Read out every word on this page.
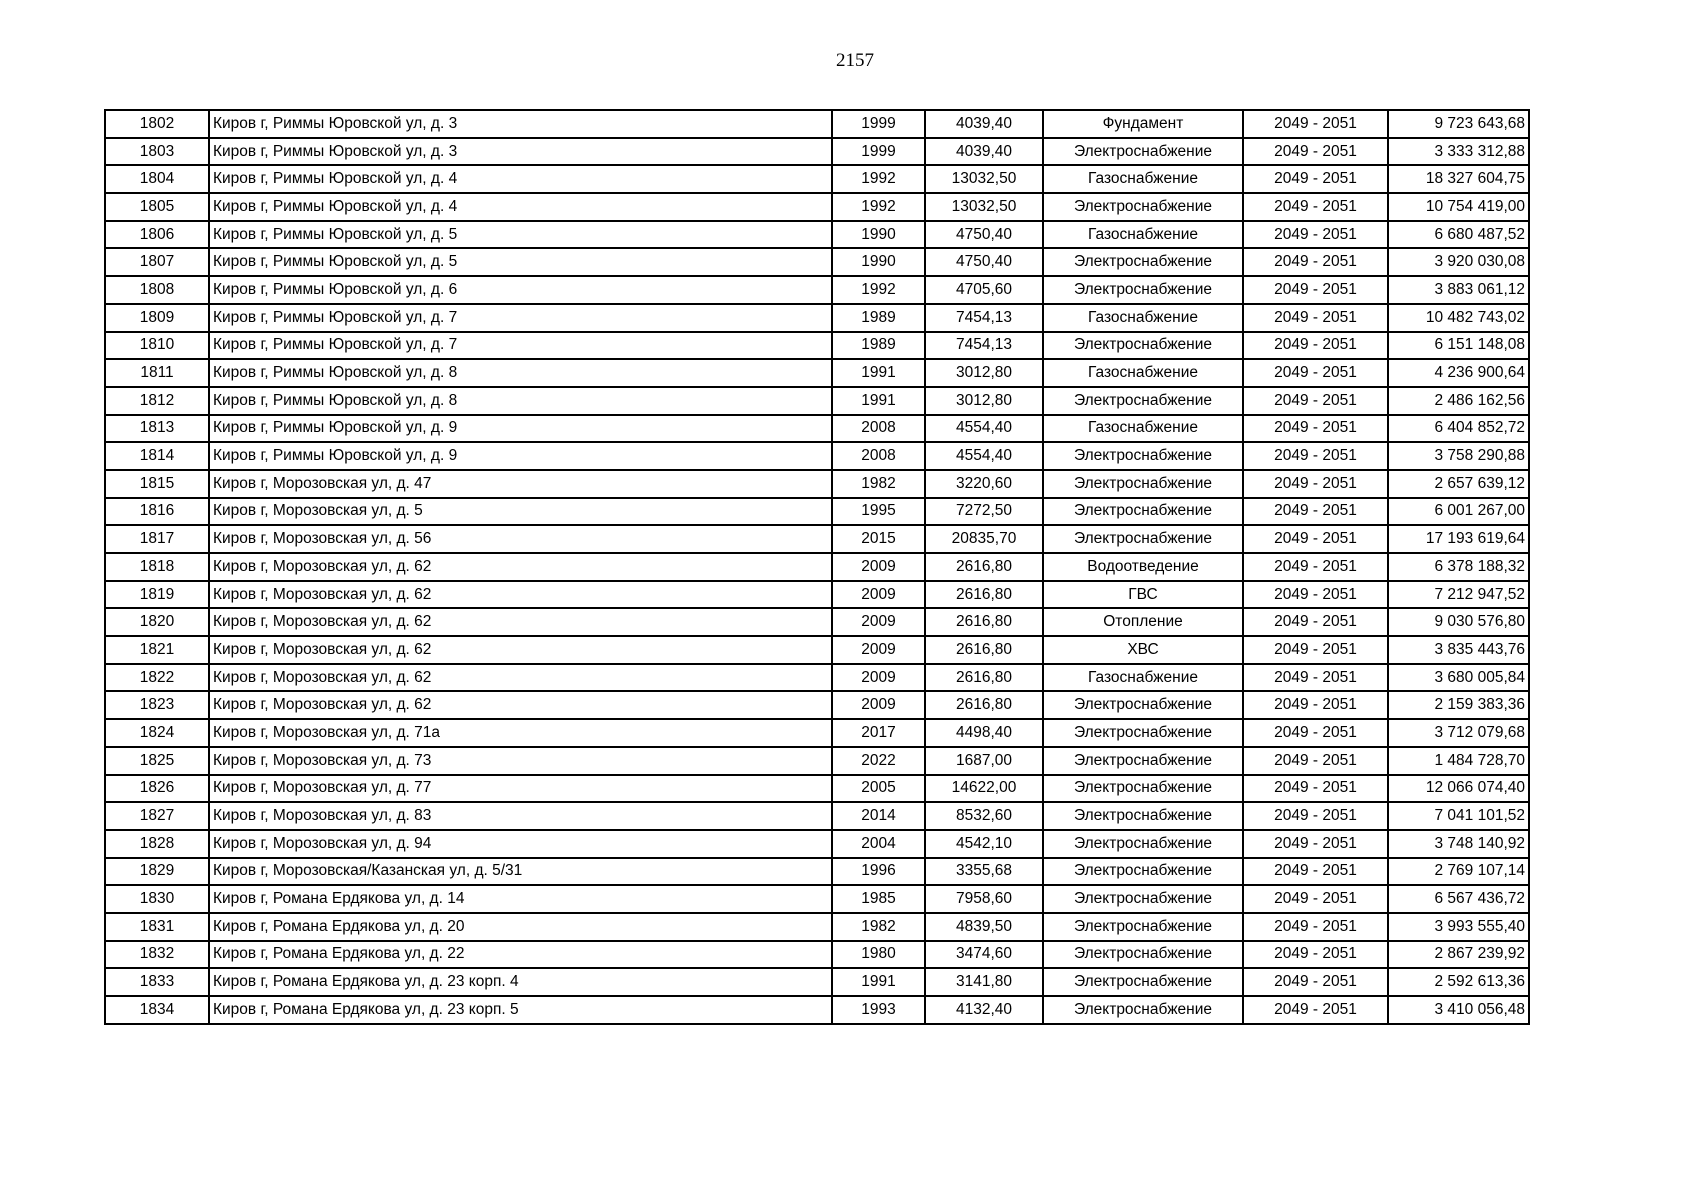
2157
1802	Киров г, Риммы Юровской ул, д. 3	1999	4039,40	Фундамент	2049 - 2051	9 723 643,68
1803	Киров г, Риммы Юровской ул, д. 3	1999	4039,40	Электроснабжение	2049 - 2051	3 333 312,88
1804	Киров г, Риммы Юровской ул, д. 4	1992	13032,50	Газоснабжение	2049 - 2051	18 327 604,75
1805	Киров г, Риммы Юровской ул, д. 4	1992	13032,50	Электроснабжение	2049 - 2051	10 754 419,00
1806	Киров г, Риммы Юровской ул, д. 5	1990	4750,40	Газоснабжение	2049 - 2051	6 680 487,52
1807	Киров г, Риммы Юровской ул, д. 5	1990	4750,40	Электроснабжение	2049 - 2051	3 920 030,08
1808	Киров г, Риммы Юровской ул, д. 6	1992	4705,60	Электроснабжение	2049 - 2051	3 883 061,12
1809	Киров г, Риммы Юровской ул, д. 7	1989	7454,13	Газоснабжение	2049 - 2051	10 482 743,02
1810	Киров г, Риммы Юровской ул, д. 7	1989	7454,13	Электроснабжение	2049 - 2051	6 151 148,08
1811	Киров г, Риммы Юровской ул, д. 8	1991	3012,80	Газоснабжение	2049 - 2051	4 236 900,64
1812	Киров г, Риммы Юровской ул, д. 8	1991	3012,80	Электроснабжение	2049 - 2051	2 486 162,56
1813	Киров г, Риммы Юровской ул, д. 9	2008	4554,40	Газоснабжение	2049 - 2051	6 404 852,72
1814	Киров г, Риммы Юровской ул, д. 9	2008	4554,40	Электроснабжение	2049 - 2051	3 758 290,88
1815	Киров г, Морозовская ул, д. 47	1982	3220,60	Электроснабжение	2049 - 2051	2 657 639,12
1816	Киров г, Морозовская ул, д. 5	1995	7272,50	Электроснабжение	2049 - 2051	6 001 267,00
1817	Киров г, Морозовская ул, д. 56	2015	20835,70	Электроснабжение	2049 - 2051	17 193 619,64
1818	Киров г, Морозовская ул, д. 62	2009	2616,80	Водоотведение	2049 - 2051	6 378 188,32
1819	Киров г, Морозовская ул, д. 62	2009	2616,80	ГВС	2049 - 2051	7 212 947,52
1820	Киров г, Морозовская ул, д. 62	2009	2616,80	Отопление	2049 - 2051	9 030 576,80
1821	Киров г, Морозовская ул, д. 62	2009	2616,80	ХВС	2049 - 2051	3 835 443,76
1822	Киров г, Морозовская ул, д. 62	2009	2616,80	Газоснабжение	2049 - 2051	3 680 005,84
1823	Киров г, Морозовская ул, д. 62	2009	2616,80	Электроснабжение	2049 - 2051	2 159 383,36
1824	Киров г, Морозовская ул, д. 71а	2017	4498,40	Электроснабжение	2049 - 2051	3 712 079,68
1825	Киров г, Морозовская ул, д. 73	2022	1687,00	Электроснабжение	2049 - 2051	1 484 728,70
1826	Киров г, Морозовская ул, д. 77	2005	14622,00	Электроснабжение	2049 - 2051	12 066 074,40
1827	Киров г, Морозовская ул, д. 83	2014	8532,60	Электроснабжение	2049 - 2051	7 041 101,52
1828	Киров г, Морозовская ул, д. 94	2004	4542,10	Электроснабжение	2049 - 2051	3 748 140,92
1829	Киров г, Морозовская/Казанская ул, д. 5/31	1996	3355,68	Электроснабжение	2049 - 2051	2 769 107,14
1830	Киров г, Романа Ердякова ул, д. 14	1985	7958,60	Электроснабжение	2049 - 2051	6 567 436,72
1831	Киров г, Романа Ердякова ул, д. 20	1982	4839,50	Электроснабжение	2049 - 2051	3 993 555,40
1832	Киров г, Романа Ердякова ул, д. 22	1980	3474,60	Электроснабжение	2049 - 2051	2 867 239,92
1833	Киров г, Романа Ердякова ул, д. 23 корп. 4	1991	3141,80	Электроснабжение	2049 - 2051	2 592 613,36
1834	Киров г, Романа Ердякова ул, д. 23 корп. 5	1993	4132,40	Электроснабжение	2049 - 2051	3 410 056,48
